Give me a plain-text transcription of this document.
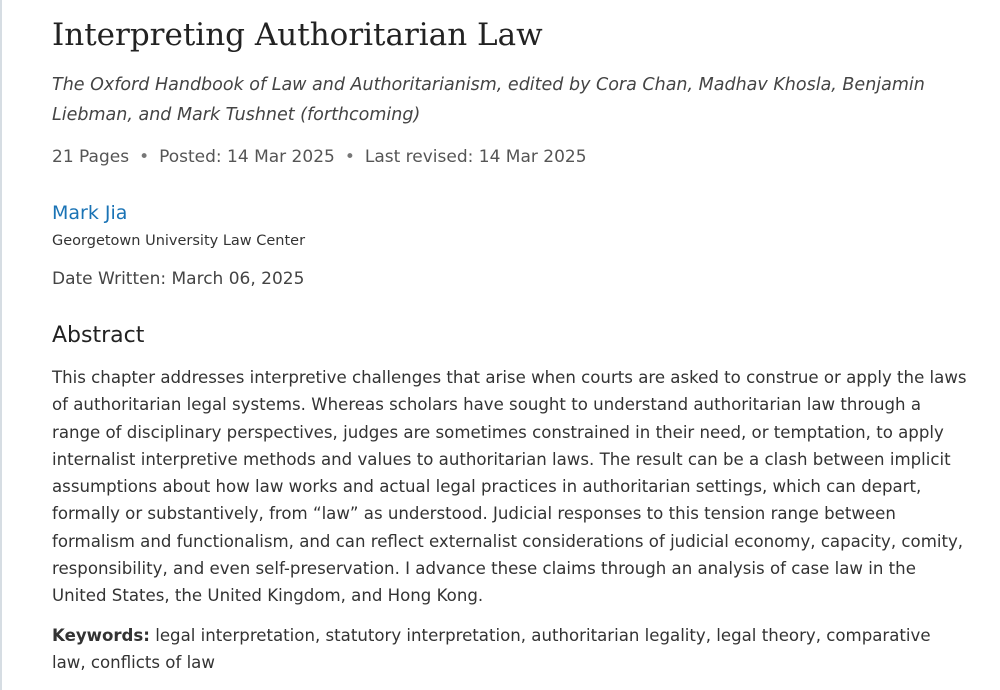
Interpreting Authoritarian Law
The Oxford Handbook of Law and Authoritarianism, edited by Cora Chan, Madhav Khosla, Benjamin Liebman, and Mark Tushnet (forthcoming)
21 Pages • Posted: 14 Mar 2025 • Last revised: 14 Mar 2025
Mark Jia
Georgetown University Law Center
Date Written: March 06, 2025
Abstract

This chapter addresses interpretive challenges that arise when courts are asked to construe or apply the laws of authoritarian legal systems. Whereas scholars have sought to understand authoritarian law through a range of disciplinary perspectives, judges are sometimes constrained in their need, or temptation, to apply internalist interpretive methods and values to authoritarian laws. The result can be a clash between implicit assumptions about how law works and actual legal practices in authoritarian settings, which can depart, formally or substantively, from “law” as understood. Judicial responses to this tension range between formalism and functionalism, and can reflect externalist considerations of judicial economy, capacity, comity, responsibility, and even self-preservation. I advance these claims through an analysis of case law in the United States, the United Kingdom, and Hong Kong.

Keywords: legal interpretation, statutory interpretation, authoritarian legality, legal theory, comparative law, conflicts of law
